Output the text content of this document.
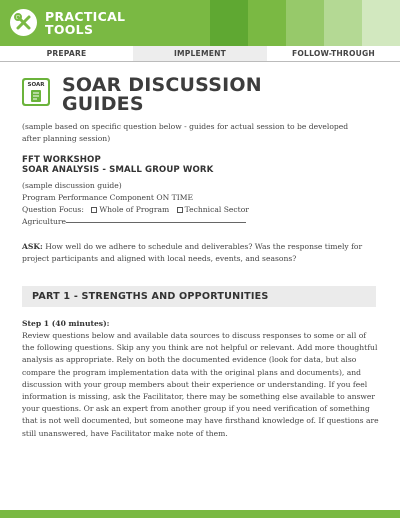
PRACTICAL
TOOLS
PREPARE	IMPLEMENT	FOLLOW-THROUGH
SOAR SOAR DISCUSSION
GUIDES
(sample based on specific question below - guides for actual session to be developed after planning session)
FFT WORKSHOP
SOAR ANALYSIS - SMALL GROUP WORK
(sample discussion guide)
Program Performance Component ON TIME
Question Focus: Whole of Program Technical Sector
Agriculture
ASK: How well do we adhere to schedule and deliverables? Was the response timely for project participants and aligned with local needs, events, and seasons?
PART 1 - STRENGTHS AND OPPORTUNITIES
Step 1 (40 minutes):
Review questions below and available data sources to discuss responses to some or all of the following questions. Skip any you think are not helpful or relevant. Add more thoughtful analysis as appropriate. Rely on both the documented evidence (look for data, but also compare the program implementation data with the original plans and documents), and discussion with your group members about their experience or understanding. If you feel information is missing, ask the Facilitator, there may be something else available to answer your questions. Or ask an expert from another group if you need verification of something that is not well documented, but someone may have firsthand knowledge of. If questions are still unanswered, have Facilitator make note of them.
